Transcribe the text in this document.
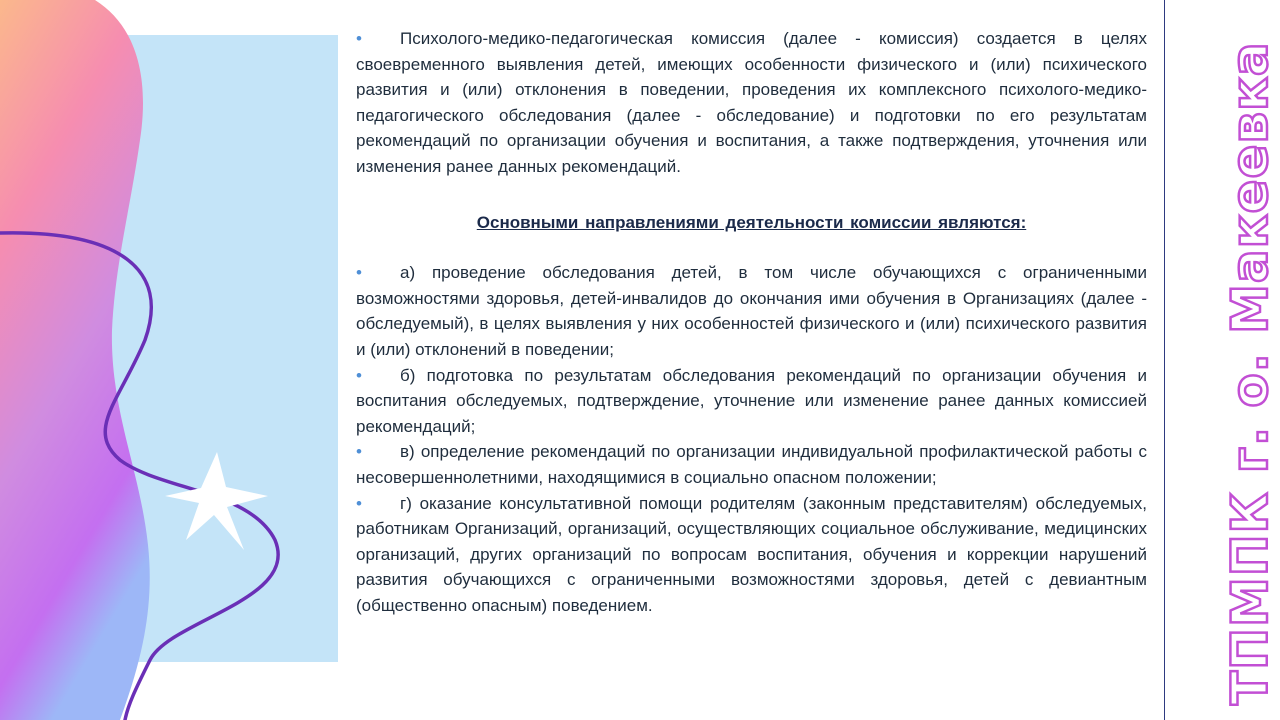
• Психолого-медико-педагогическая комиссия (далее - комиссия) создается в целях своевременного выявления детей, имеющих особенности физического и (или) психического развития и (или) отклонения в поведении, проведения их комплексного психолого-медико-педагогического обследования (далее - обследование) и подготовки по его результатам рекомендаций по организации обучения и воспитания, а также подтверждения, уточнения или изменения ранее данных рекомендаций.
Основными направлениями деятельности комиссии являются:
• а) проведение обследования детей, в том числе обучающихся с ограниченными возможностями здоровья, детей-инвалидов до окончания ими обучения в Организациях (далее - обследуемый), в целях выявления у них особенностей физического и (или) психического развития и (или) отклонений в поведении;
• б) подготовка по результатам обследования рекомендаций по организации обучения и воспитания обследуемых, подтверждение, уточнение или изменение ранее данных комиссией рекомендаций;
• в) определение рекомендаций по организации индивидуальной профилактической работы с несовершеннолетними, находящимися в социально опасном положении;
• г) оказание консультативной помощи родителям (законным представителям) обследуемых, работникам Организаций, организаций, осуществляющих социальное обслуживание, медицинских организаций, других организаций по вопросам воспитания, обучения и коррекции нарушений развития обучающихся с ограниченными возможностями здоровья, детей с девиантным (общественно опасным) поведением.	ТПМПК г. о. Макеевка
